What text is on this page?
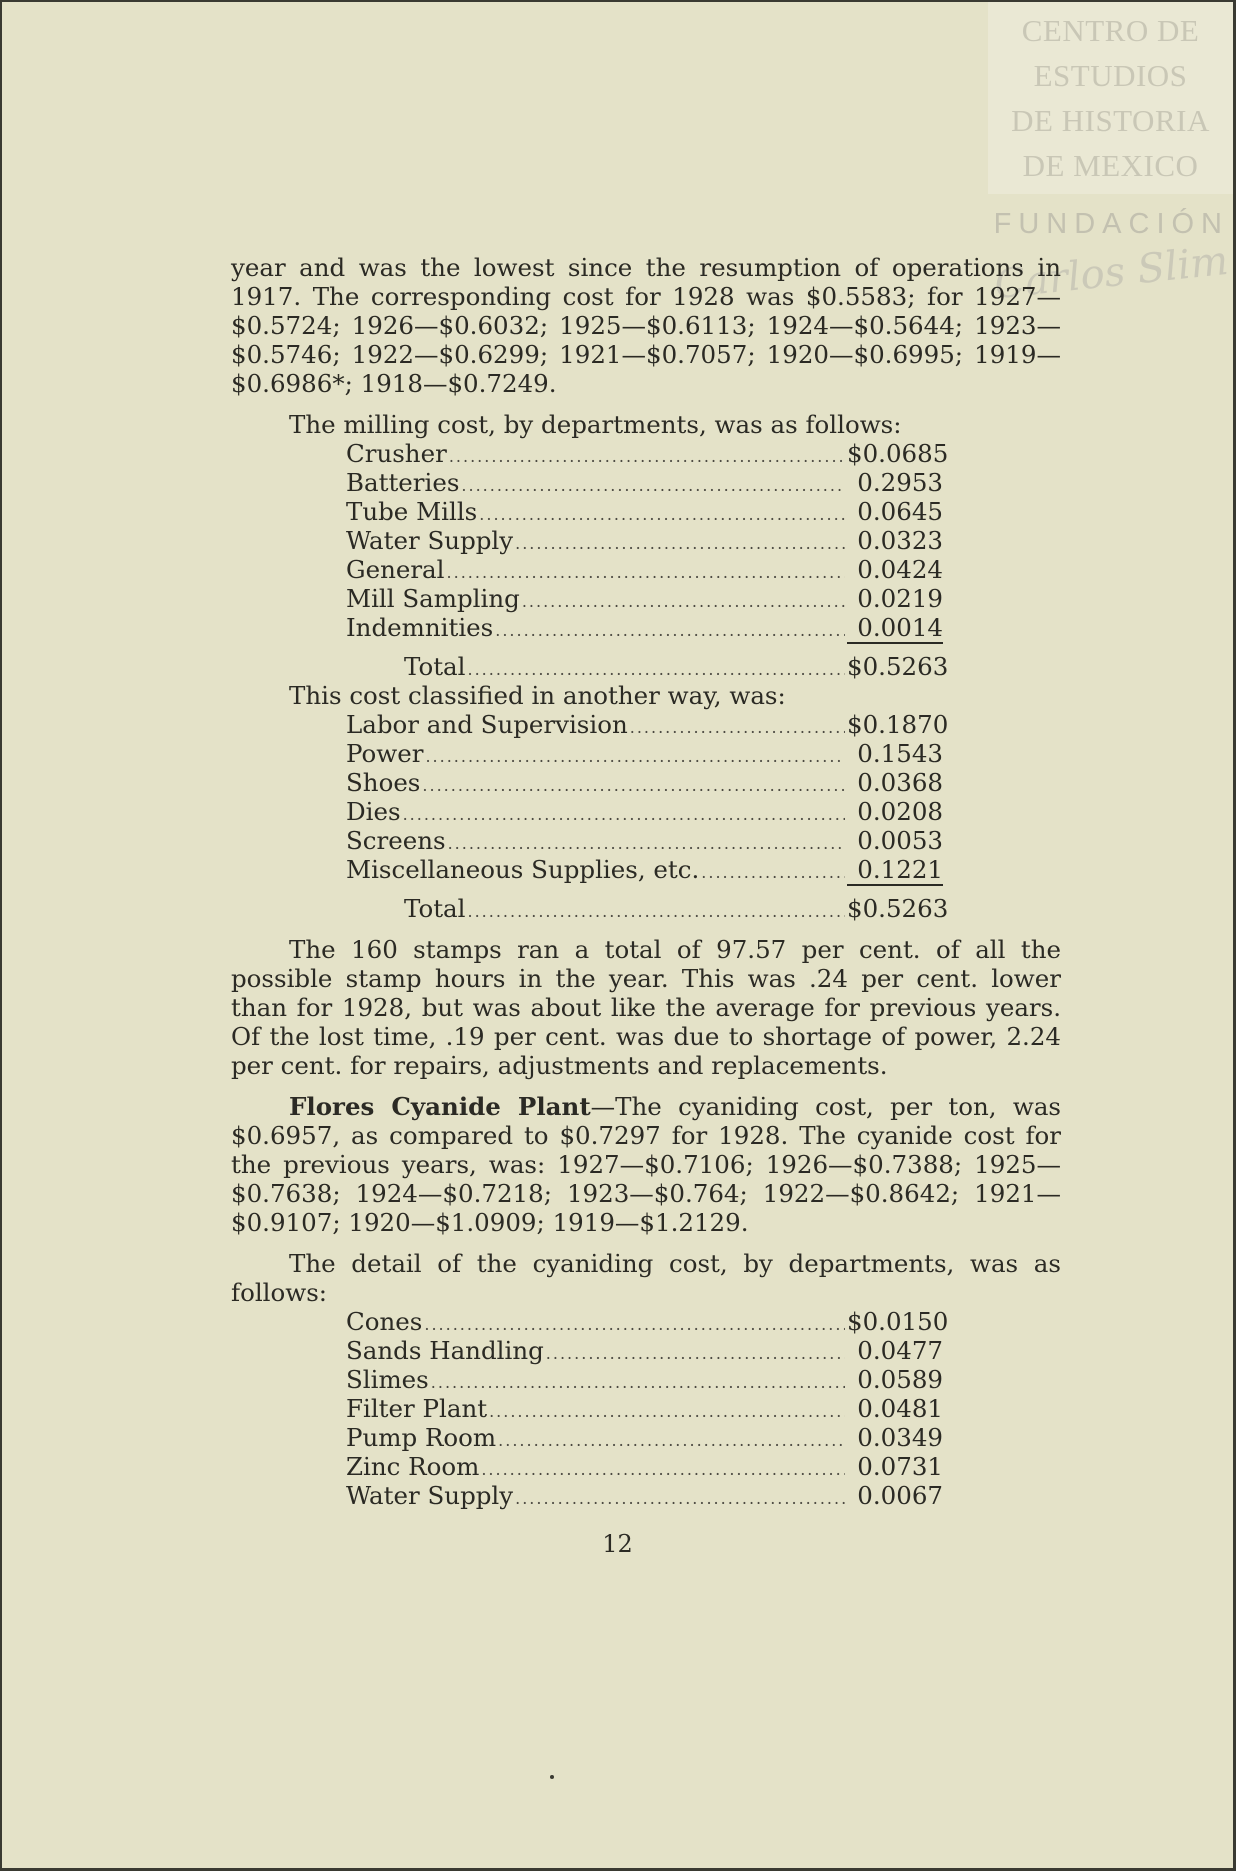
CENTRO DE
ESTUDIOS
DE HISTORIA
DE MEXICO
FUNDACIÓN
Carlos Slim

year and was the lowest since the resumption of operations in 1917. The corresponding cost for 1928 was $0.5583; for 1927—$0.5724; 1926—$0.6032; 1925—$0.6113; 1924—$0.5644; 1923—$0.5746; 1922—$0.6299; 1921—$0.7057; 1920—$0.6995; 1919—$0.6986*; 1918—$0.7249.

The milling cost, by departments, was as follows:

Crusher .....	$0.0685
Batteries .....	0.2953
Tube Mills .....	0.0645
Water Supply .....	0.0323
General .....	0.0424
Mill Sampling .....	0.0219
Indemnities .....	0.0014
Total .....	$0.5263

This cost classified in another way, was:

Labor and Supervision .....	$0.1870
Power .....	0.1543
Shoes .....	0.0368
Dies .....	0.0208
Screens .....	0.0053
Miscellaneous Supplies, etc. .....	0.1221
Total .....	$0.5263

The 160 stamps ran a total of 97.57 per cent. of all the possible stamp hours in the year. This was .24 per cent. lower than for 1928, but was about like the average for previous years. Of the lost time, .19 per cent. was due to shortage of power, 2.24 per cent. for repairs, adjustments and replacements.

Flores Cyanide Plant—The cyaniding cost, per ton, was $0.6957, as compared to $0.7297 for 1928. The cyanide cost for the previous years, was: 1927—$0.7106; 1926—$0.7388; 1925—$0.7638; 1924—$0.7218; 1923—$0.764; 1922—$0.8642; 1921—$0.9107; 1920—$1.0909; 1919—$1.2129.

The detail of the cyaniding cost, by departments, was as follows:

Cones .....	$0.0150
Sands Handling .....	0.0477
Slimes .....	0.0589
Filter Plant .....	0.0481
Pump Room .....	0.0349
Zinc Room .....	0.0731
Water Supply .....	0.0067
12
